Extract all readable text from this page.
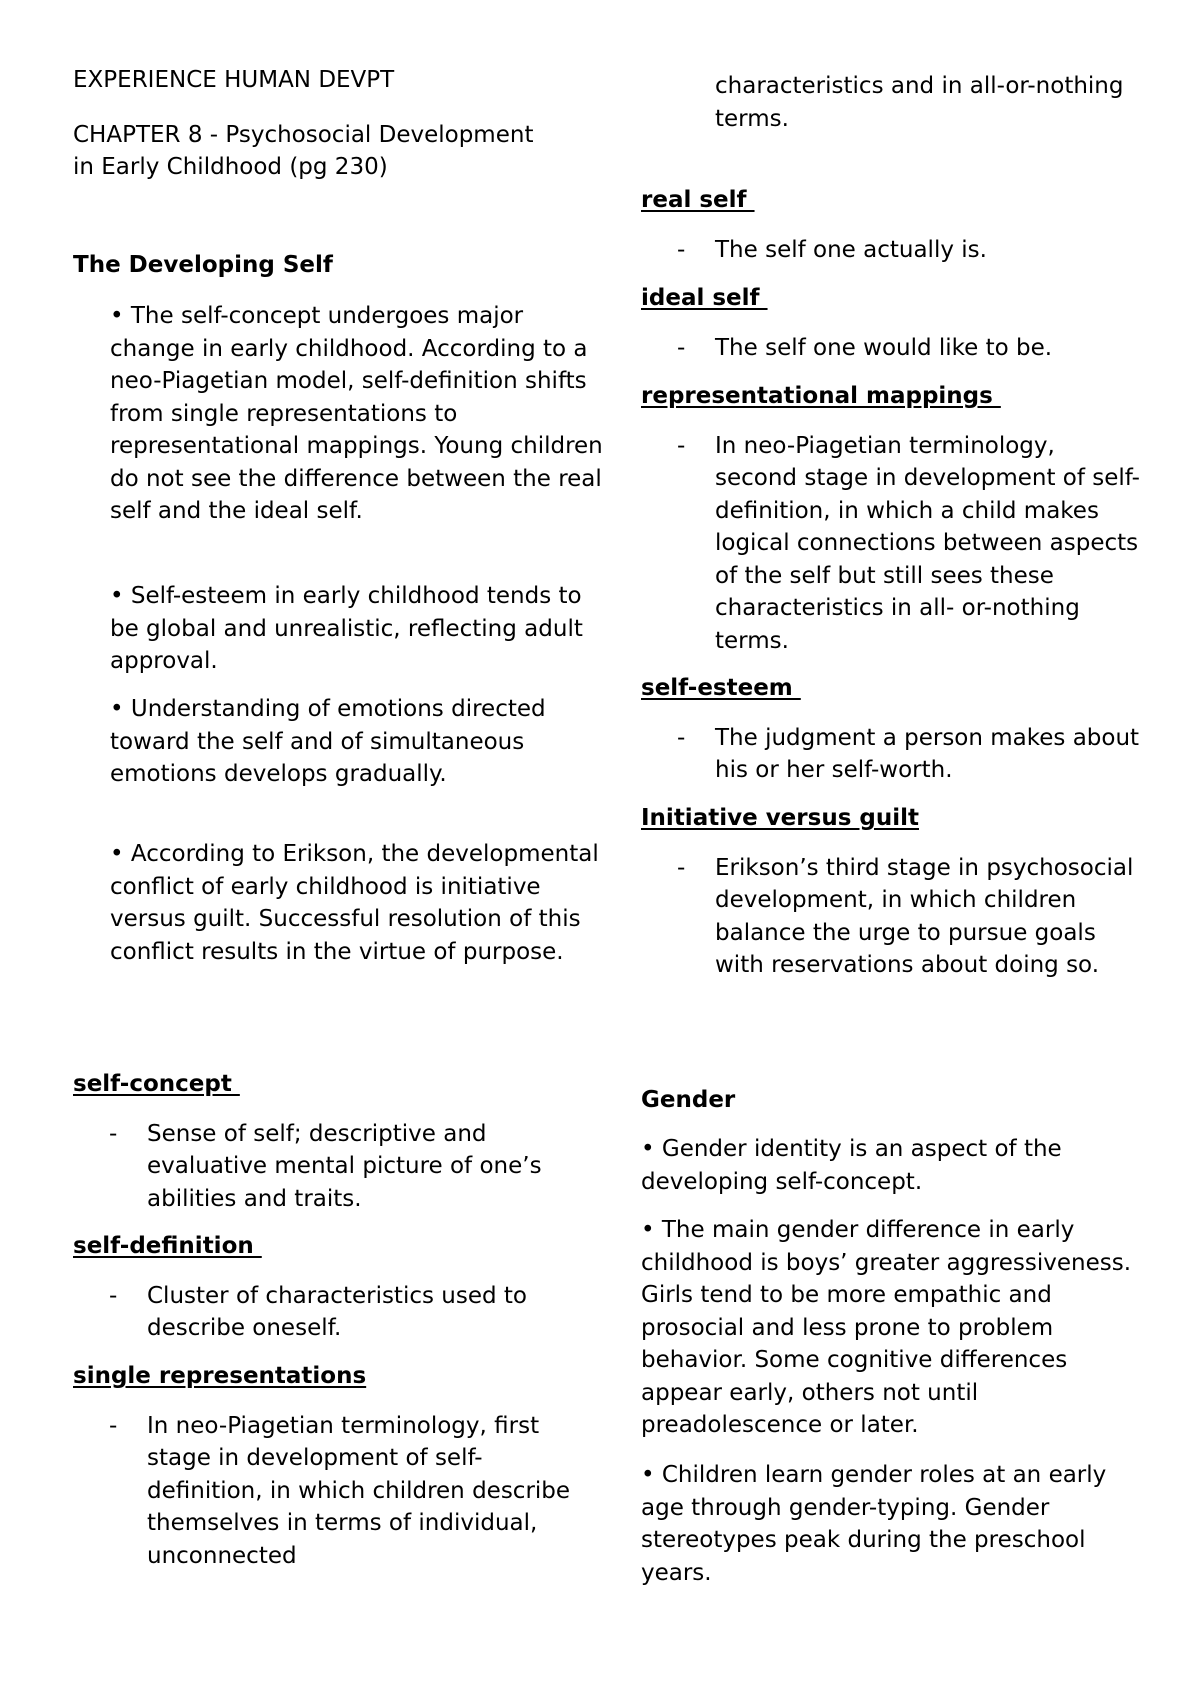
EXPERIENCE HUMAN DEVPT

CHAPTER 8 - Psychosocial Development

in Early Childhood (pg 230)

The Developing Self

• The self-concept undergoes major change in early childhood. According to a neo-Piagetian model, self-definition shifts from single representations to representational mappings. Young children do not see the difference between the real self and the ideal self.

• Self-esteem in early childhood tends to be global and unrealistic, reflecting adult approval.

• Understanding of emotions directed toward the self and of simultaneous emotions develops gradually.

• According to Erikson, the developmental conflict of early childhood is initiative versus guilt. Successful resolution of this conflict results in the virtue of purpose.

self-concept
-	Sense of self; descriptive and evaluative mental picture of one’s abilities and traits.
self-definition
-	Cluster of characteristics used to describe oneself.
single representations
-	In neo-Piagetian terminology, first stage in development of self-definition, in which children describe themselves in terms of individual, unconnected

characteristics and in all-or-nothing terms.

real self
-	The self one actually is.
ideal self
-	The self one would like to be.
representational mappings
-	In neo-Piagetian terminology, second stage in development of self-definition, in which a child makes logical connections between aspects of the self but still sees these characteristics in all- or-nothing terms.
self-esteem
-	The judgment a person makes about his or her self-worth.
Initiative versus guilt
-	Erikson’s third stage in psychosocial development, in which children balance the urge to pursue goals with reservations about doing so.

Gender

• Gender identity is an aspect of the developing self-concept.

• The main gender difference in early childhood is boys’ greater aggressiveness. Girls tend to be more empathic and prosocial and less prone to problem behavior. Some cognitive differences appear early, others not until preadolescence or later.

• Children learn gender roles at an early age through gender-typing. Gender stereotypes peak during the preschool years.
